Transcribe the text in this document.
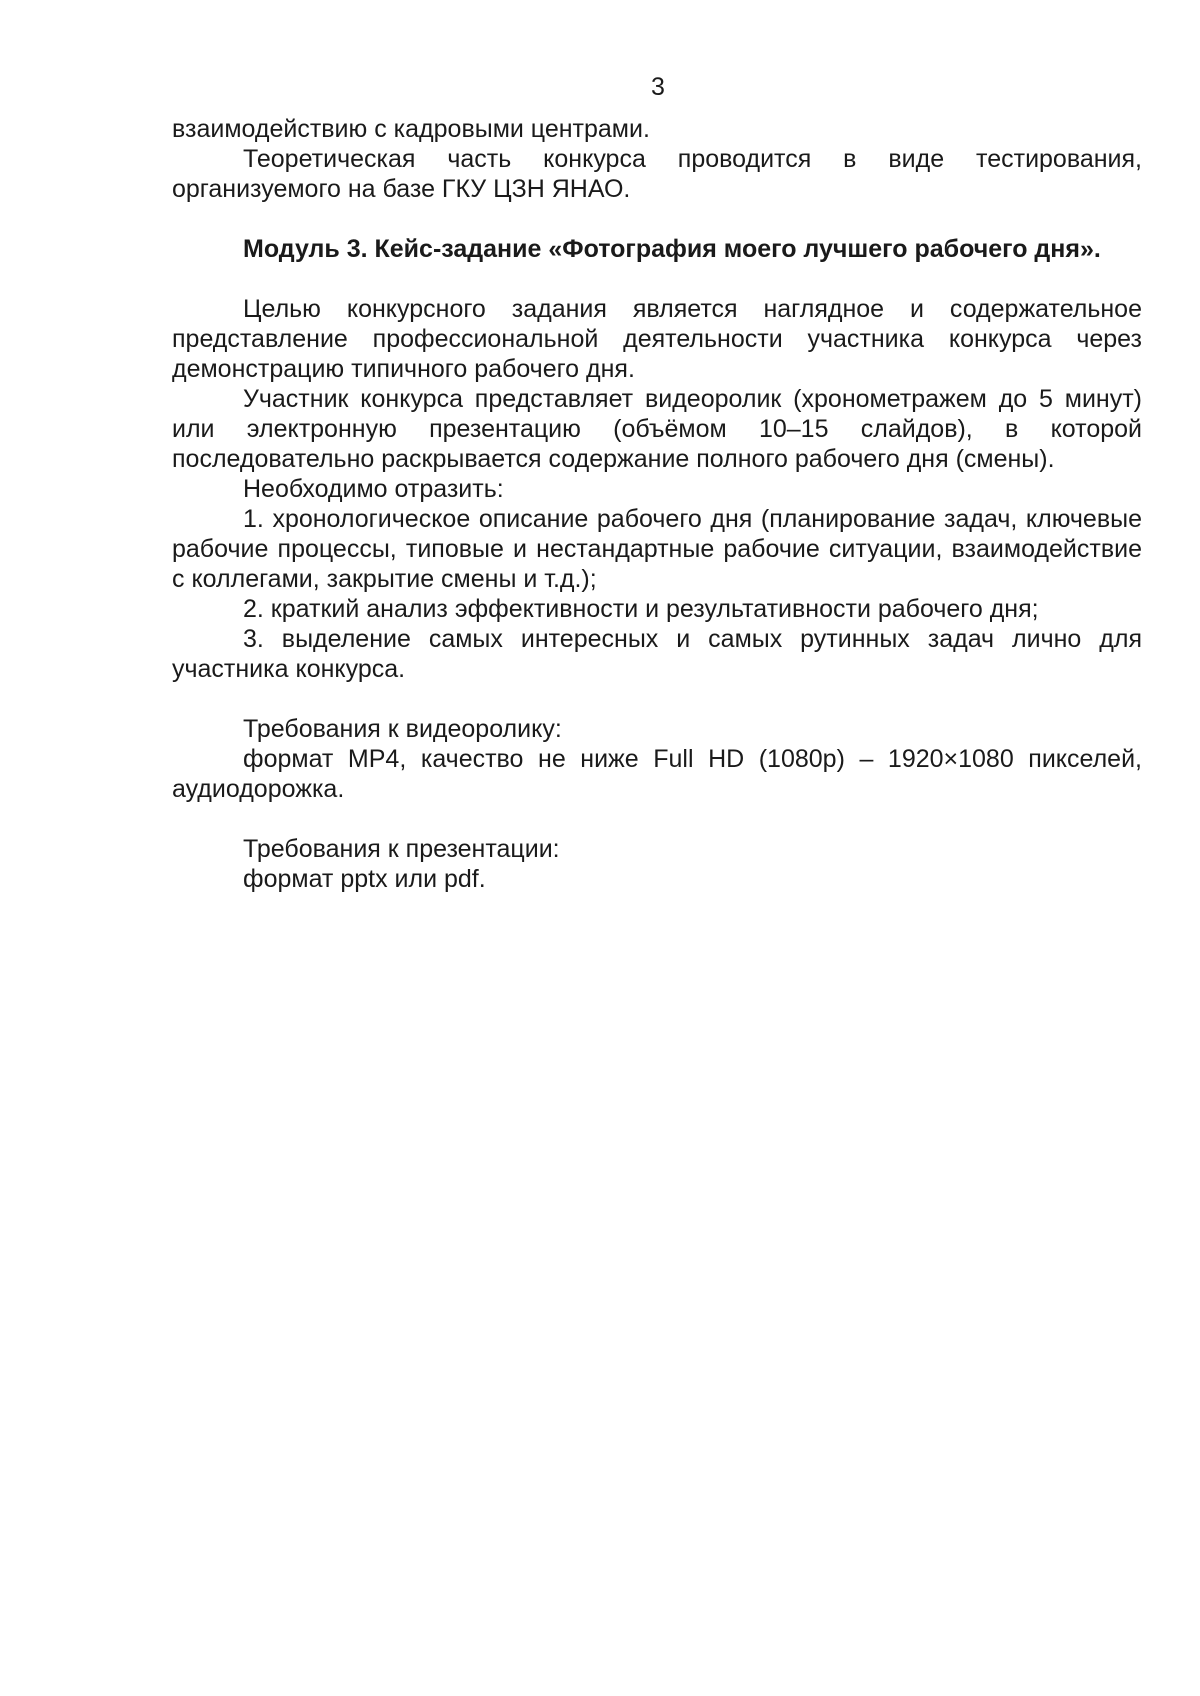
3

взаимодействию с кадровыми центрами.

Теоретическая часть конкурса проводится в виде тестирования, организуемого на базе ГКУ ЦЗН ЯНАО.

Модуль 3. Кейс-задание «Фотография моего лучшего рабочего дня».

Целью конкурсного задания является наглядное и содержательное представление профессиональной деятельности участника конкурса через демонстрацию типичного рабочего дня.

Участник конкурса представляет видеоролик (хронометражем до 5 минут) или электронную презентацию (объёмом 10–15 слайдов), в которой последовательно раскрывается содержание полного рабочего дня (смены).

Необходимо отразить:

1. хронологическое описание рабочего дня (планирование задач, ключевые рабочие процессы, типовые и нестандартные рабочие ситуации, взаимодействие с коллегами, закрытие смены и т.д.);

2. краткий анализ эффективности и результативности рабочего дня;

3. выделение самых интересных и самых рутинных задач лично для участника конкурса.

Требования к видеоролику:

формат MP4, качество не ниже Full HD (1080p) – 1920×1080 пикселей, аудиодорожка.

Требования к презентации:

формат pptx или pdf.
